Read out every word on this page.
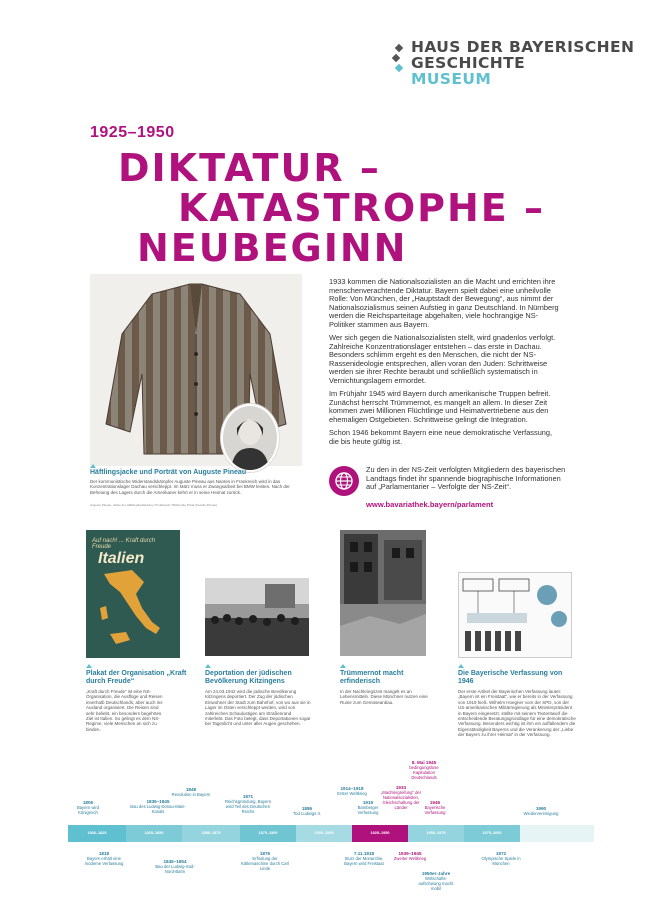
HAUS DER BAYERISCHEN
GESCHICHTE
MUSEUM
1925–1950
DIKTATUR –
KATASTROPHE –
NEUBEGINN
Häftlingsjacke und Porträt von Auguste Pineau
Der kommunistische Widerstandskämpfer Auguste Pineau aus Nantes in Frankreich wird in das Konzentrationslager Dachau verschleppt. Im März muss er Zwangsarbeit bei BMW leisten. Nach der Befreiung des Lagers durch die Amerikaner kehrt er in seine Heimat zurück.
Auguste Pineau, Jacke der Häftlingsbekleidung, Privatbesitz / Bildrechte Privat (Familie Pineau)

1933 kommen die Nationalsozialisten an die Macht und errichten ihre menschenverachtende Diktatur. Bayern spielt dabei eine unheilvolle Rolle: Von München, der „Hauptstadt der Bewegung“, aus nimmt der Nationalsozialismus seinen Aufstieg in ganz Deutschland. In Nürnberg werden die Reichsparteitage abgehalten, viele hochrangige NS-Politiker stammen aus Bayern.

Wer sich gegen die Nationalsozialisten stellt, wird gnadenlos verfolgt. Zahlreiche Konzentrationslager entstehen – das erste in Dachau. Besonders schlimm ergeht es den Menschen, die nicht der NS-Rassenideologie entsprechen, allen voran den Juden: Schrittweise werden sie ihrer Rechte beraubt und schließlich systematisch in Vernichtungslagern ermordet.

Im Frühjahr 1945 wird Bayern durch amerikanische Truppen befreit. Zunächst herrscht Trümmernot, es mangelt an allem. In dieser Zeit kommen zwei Millionen Flüchtlinge und Heimatvertriebene aus den ehemaligen Ostgebieten. Schrittweise gelingt die Integration.

Schon 1946 bekommt Bayern eine neue demokratische Verfassung, die bis heute gültig ist.

Zu den in der NS-Zeit verfolgten Mitgliedern des bayerischen Landtags findet ihr spannende biographische Informationen auf „Parlamentarier – Verfolgte der NS-Zeit“.
www.bavariathek.bayern/parlament
Auf nach! ... Kraft durch Freude
Italien
Plakat der Organisation „Kraft durch Freude“
„Kraft durch Freude“ ist eine NS-Organisation, die Ausflüge und Reisen innerhalb Deutschlands, aber auch ins Ausland organisiert. Die Reisen sind sehr beliebt, ein besonders begehrtes Ziel ist Italien. So gelingt es dem NS-Regime, viele Menschen an sich zu binden.
Deportation der jüdischen Bevölkerung Kitzingens
Am 24.03.1942 wird die jüdische Bevölkerung Kitzingens deportiert. Der Zug der jüdischen Einwohner der Stadt zum Bahnhof, von wo aus sie in Lager im Osten verschleppt werden, wird von zahlreichen Schaulustigen am Straßenrand miterlebt. Das Foto belegt, dass Deportationen sogar bei Tageslicht und unter aller Augen geschehen.
Trümmernot macht erfinderisch
In der Nachkriegszeit mangelt es an Lebensmitteln. Diese Münchner nutzen eine Ruine zum Gemüseanbau.
Die Bayerische Verfassung von 1946
Der erste Artikel der Bayerischen Verfassung lautet: „Bayern ist ein Freistaat“, wie er bereits in der Verfassung von 1919 hieß. Wilhelm Hoegner vom der SPD, von der US-amerikanischen Militärregierung als Ministerpräsident in Bayern eingesetzt, stellte mit seinem Textentwurf die entscheidende Beratungsgrundlage für eine demokratische Verfassung. Besonders wichtig ist ihm ein auffallendem die Eigenständigkeit Bayerns und die Verankerung der „Liebe der Bayern zu ihrer Heimat“ in der Verfassung.
1806–1825	1825–1850	1850–1875	1875–1900	1900–1925	1925–1950	1950–1975	1975–2000
1806
Bayern wird Königreich
1836–1845
Bau des Ludwig-Donau-Main-Kanals
1848
Revolution in Bayern	1871
Reichsgründung, Bayern wird Teil des Deutschen Reichs
1886
Tod Ludwigs II.
1914–1918
Erster Weltkrieg
1919
Bamberger Verfassung
1933
„Machtergreifung“ der Nationalsozialisten, Gleichschaltung der Länder
8. Mai 1945
bedingungslose Kapitulation Deutschlands
1946
Bayerische Verfassung
1990
Wiedervereinigung
1818
Bayern erhält eine moderne Verfassung	1845–1854
Bau der Ludwig-Süd-Nord-Bahn
1876
Erfindung der Kältemaschine durch Carl Linde
7.11.1918
Sturz der Monarchie, Bayern wird Freistaat
1939–1945
Zweiter Weltkrieg
1950er-Jahre
Wirtschaftsaufschwung macht mobil
1972
Olympische Spiele in München
